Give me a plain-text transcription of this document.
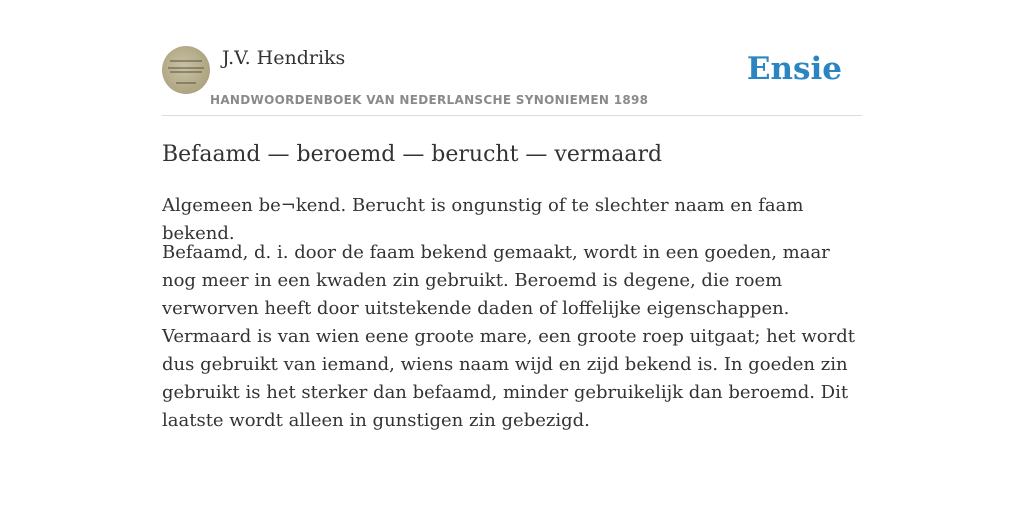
J.V. Hendriks
HANDWOORDENBOEK VAN NEDERLANSCHE SYNONIEMEN 1898
Ensie
Befaamd — beroemd — berucht — vermaard

Algemeen be¬kend. Berucht is ongunstig of te slechter naam en faam bekend.

Befaamd, d. i. door de faam bekend gemaakt, wordt in een goeden, maar nog meer in een kwaden zin gebruikt. Beroemd is degene, die roem verworven heeft door uitstekende daden of loffelijke eigenschappen. Vermaard is van wien eene groote mare, een groote roep uitgaat; het wordt dus gebruikt van iemand, wiens naam wijd en zijd bekend is. In goeden zin gebruikt is het sterker dan befaamd, minder gebruikelijk dan beroemd. Dit laatste wordt alleen in gunstigen zin gebezigd.
